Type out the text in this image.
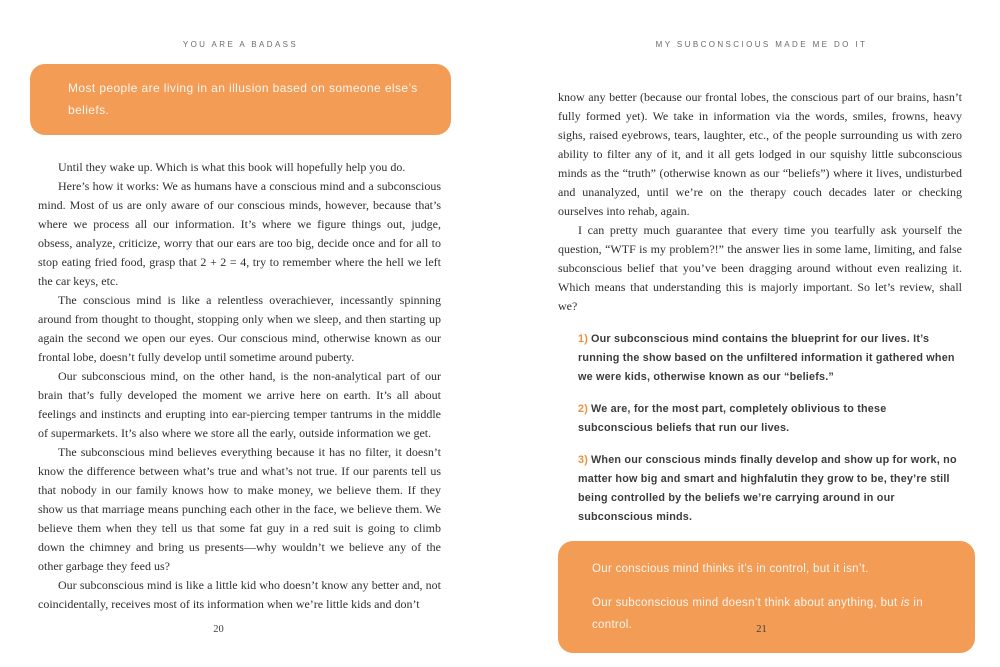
YOU ARE A BADASS
Most people are living in an illusion based on someone else’s beliefs.

Until they wake up. Which is what this book will hopefully help you do.

Here’s how it works: We as humans have a conscious mind and a subconscious mind. Most of us are only aware of our conscious minds, however, because that’s where we process all our information. It’s where we figure things out, judge, obsess, analyze, criticize, worry that our ears are too big, decide once and for all to stop eating fried food, grasp that 2 + 2 = 4, try to remember where the hell we left the car keys, etc.

The conscious mind is like a relentless overachiever, incessantly spinning around from thought to thought, stopping only when we sleep, and then starting up again the second we open our eyes. Our conscious mind, otherwise known as our frontal lobe, doesn’t fully develop until sometime around puberty.

Our subconscious mind, on the other hand, is the non-analytical part of our brain that’s fully developed the moment we arrive here on earth. It’s all about feelings and instincts and erupting into ear-piercing temper tantrums in the middle of supermarkets. It’s also where we store all the early, outside information we get.

The subconscious mind believes everything because it has no filter, it doesn’t know the difference between what’s true and what’s not true. If our parents tell us that nobody in our family knows how to make money, we believe them. If they show us that marriage means punching each other in the face, we believe them. We believe them when they tell us that some fat guy in a red suit is going to climb down the chimney and bring us presents—why wouldn’t we believe any of the other garbage they feed us?

Our subconscious mind is like a little kid who doesn’t know any better and, not coincidentally, receives most of its information when we’re little kids and don’t

20
MY SUBCONSCIOUS MADE ME DO IT

know any better (because our frontal lobes, the conscious part of our brains, hasn’t fully formed yet). We take in information via the words, smiles, frowns, heavy sighs, raised eyebrows, tears, laughter, etc., of the people surrounding us with zero ability to filter any of it, and it all gets lodged in our squishy little subconscious minds as the “truth” (otherwise known as our “beliefs”) where it lives, undisturbed and unanalyzed, until we’re on the therapy couch decades later or checking ourselves into rehab, again.

I can pretty much guarantee that every time you tearfully ask yourself the question, “WTF is my problem?!” the answer lies in some lame, limiting, and false subconscious belief that you’ve been dragging around without even realizing it. Which means that understanding this is majorly important. So let’s review, shall we?

1) Our subconscious mind contains the blueprint for our lives. It’s running the show based on the unfiltered information it gathered when we were kids, otherwise known as our “beliefs.”
2) We are, for the most part, completely oblivious to these subconscious beliefs that run our lives.
3) When our conscious minds finally develop and show up for work, no matter how big and smart and highfalutin they grow to be, they’re still being controlled by the beliefs we’re carrying around in our subconscious minds.
Our conscious mind thinks it’s in control, but it isn’t.
Our subconscious mind doesn’t think about anything, but is in control.	21
